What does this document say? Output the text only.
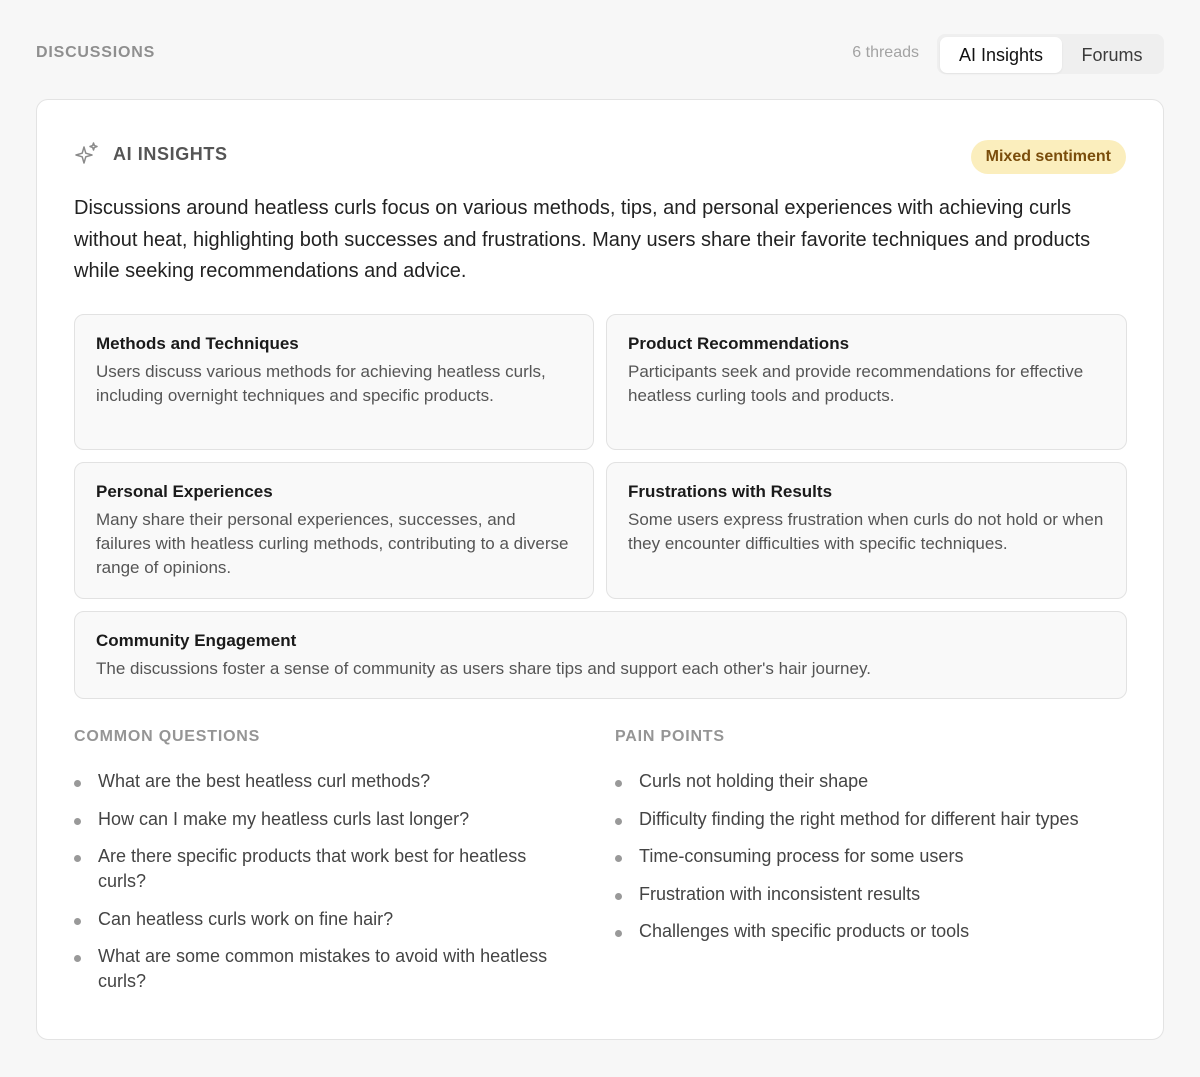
DISCUSSIONS	6 threads	AI Insights	Forums
AI INSIGHTS	Mixed sentiment

Discussions around heatless curls focus on various methods, tips, and personal experiences with achieving curls without heat, highlighting both successes and frustrations. Many users share their favorite techniques and products while seeking recommendations and advice.

Methods and Techniques
Users discuss various methods for achieving heatless curls, including overnight techniques and specific products.
Product Recommendations
Participants seek and provide recommendations for effective heatless curling tools and products.
Personal Experiences
Many share their personal experiences, successes, and failures with heatless curling methods, contributing to a diverse range of opinions.
Frustrations with Results
Some users express frustration when curls do not hold or when they encounter difficulties with specific techniques.
Community Engagement
The discussions foster a sense of community as users share tips and support each other's hair journey.
COMMON QUESTIONS
What are the best heatless curl methods?
How can I make my heatless curls last longer?
Are there specific products that work best for heatless curls?
Can heatless curls work on fine hair?
What are some common mistakes to avoid with heatless curls?
PAIN POINTS
Curls not holding their shape
Difficulty finding the right method for different hair types
Time-consuming process for some users
Frustration with inconsistent results
Challenges with specific products or tools
